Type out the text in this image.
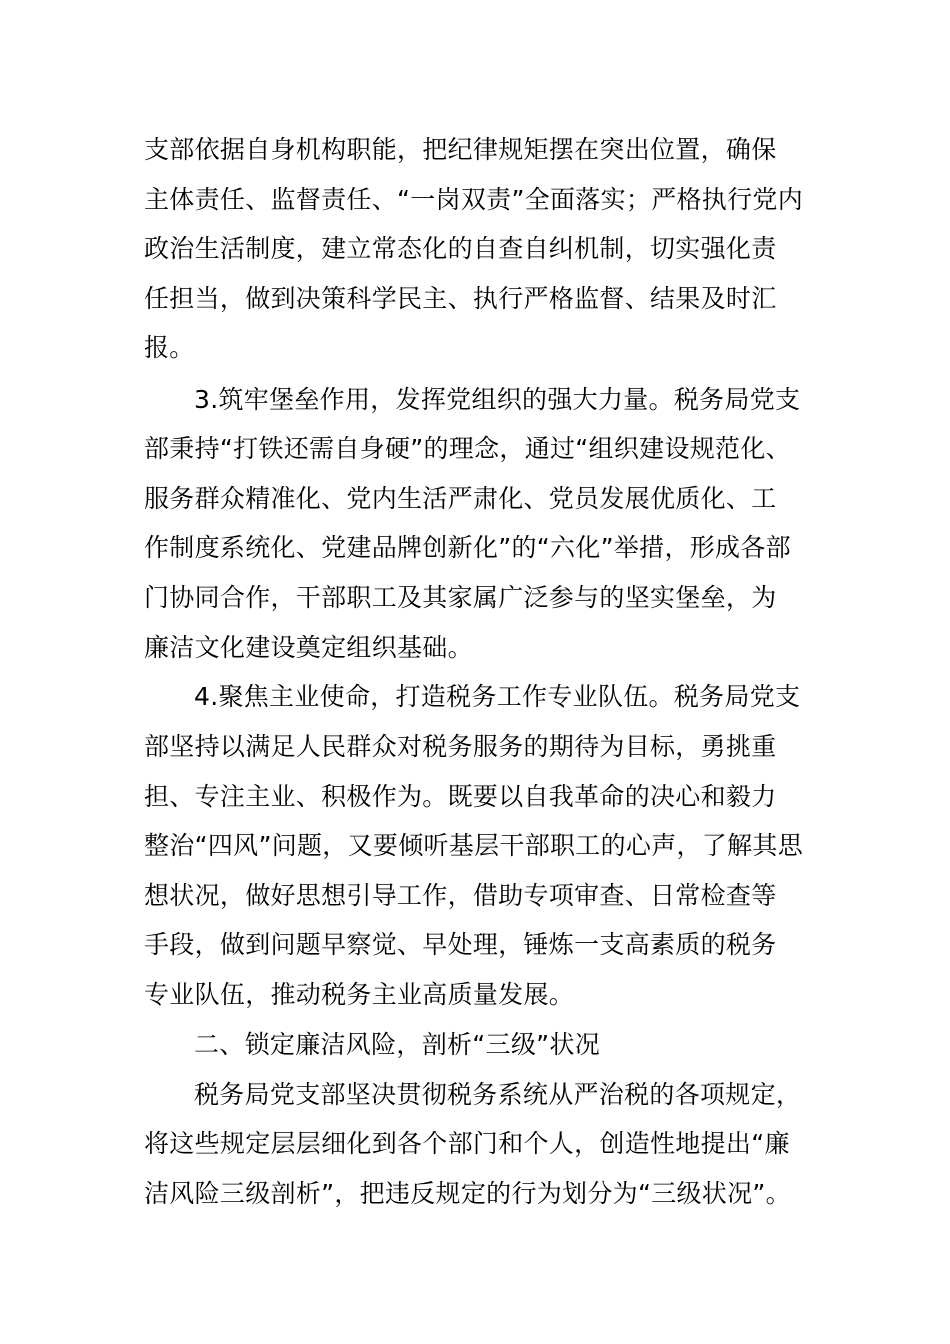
支部依据自身机构职能，把纪律规矩摆在突出位置，确保
主体责任、监督责任、“一岗双责”全面落实；严格执行党内
政治生活制度，建立常态化的自查自纠机制，切实强化责
任担当，做到决策科学民主、执行严格监督、结果及时汇
报。
3.筑牢堡垒作用，发挥党组织的强大力量。税务局党支
部秉持“打铁还需自身硬”的理念，通过“组织建设规范化、
服务群众精准化、党内生活严肃化、党员发展优质化、工
作制度系统化、党建品牌创新化”的“六化”举措，形成各部
门协同合作，干部职工及其家属广泛参与的坚实堡垒，为
廉洁文化建设奠定组织基础。
4.聚焦主业使命，打造税务工作专业队伍。税务局党支
部坚持以满足人民群众对税务服务的期待为目标，勇挑重
担、专注主业、积极作为。既要以自我革命的决心和毅力
整治“四风”问题，又要倾听基层干部职工的心声，了解其思
想状况，做好思想引导工作，借助专项审查、日常检查等
手段，做到问题早察觉、早处理，锤炼一支高素质的税务
专业队伍，推动税务主业高质量发展。
二、锁定廉洁风险，剖析“三级”状况
税务局党支部坚决贯彻税务系统从严治税的各项规定，
将这些规定层层细化到各个部门和个人，创造性地提出“廉
洁风险三级剖析”，把违反规定的行为划分为“三级状况”。
